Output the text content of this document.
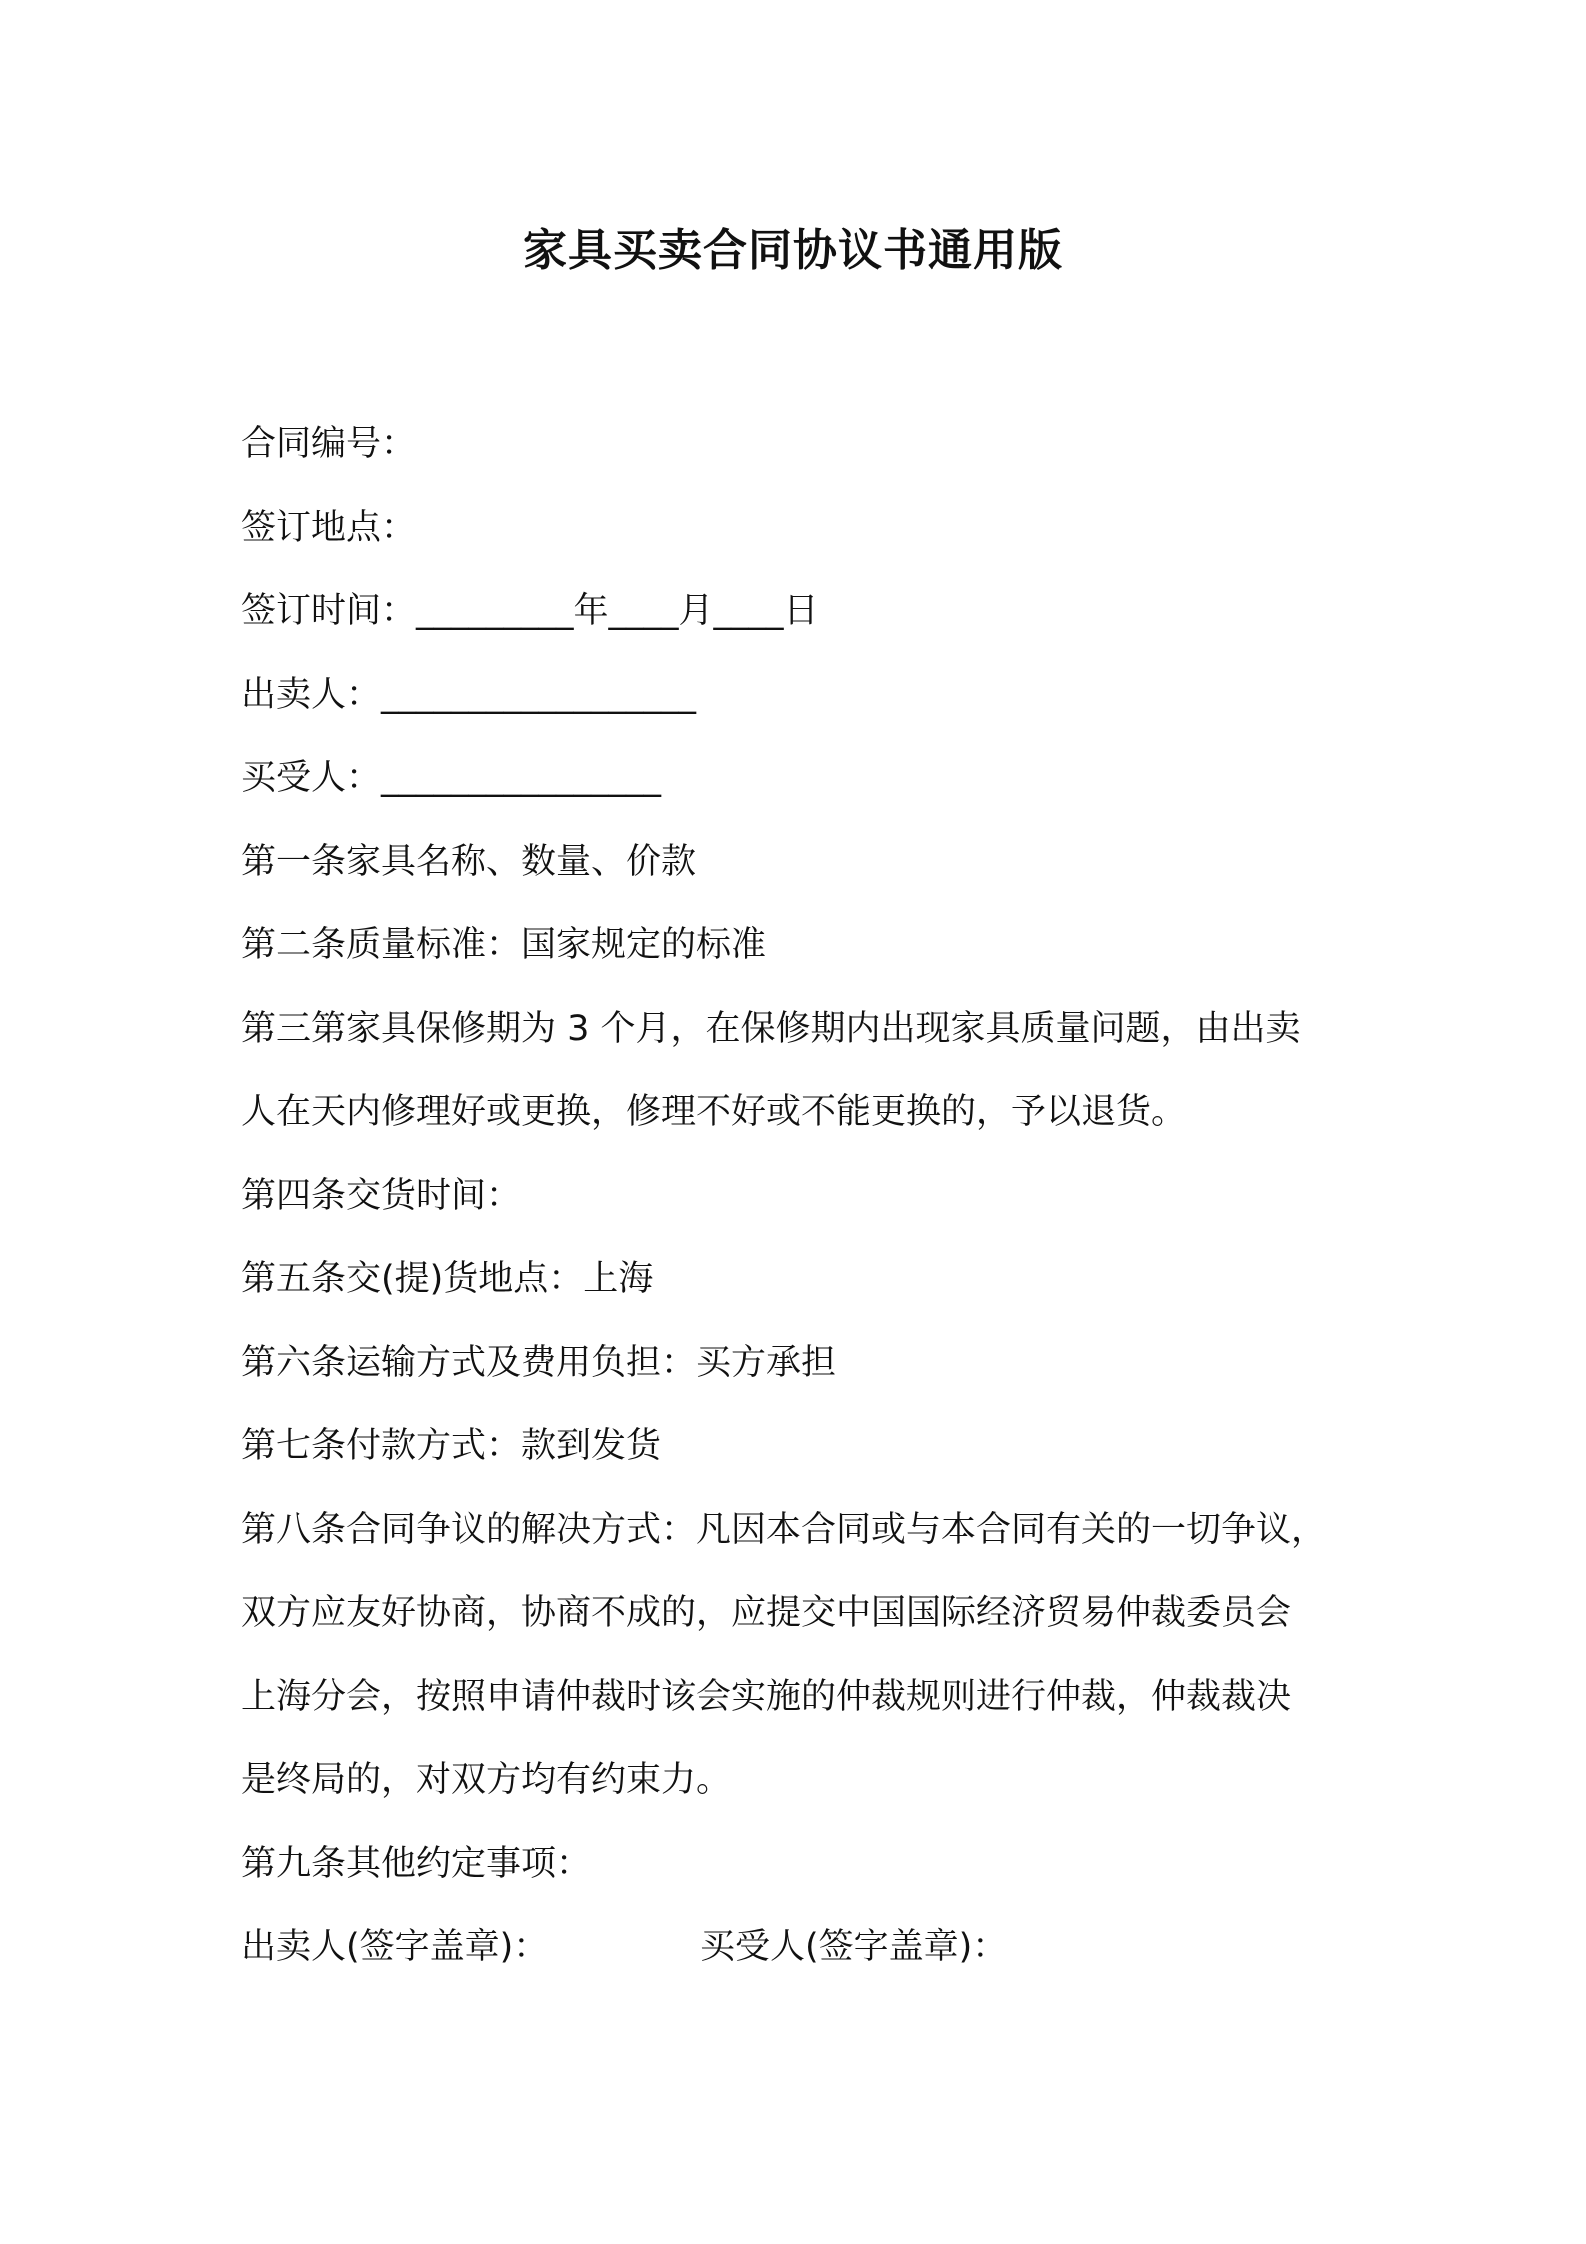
家具买卖合同协议书通用版
合同编号：
签订地点：
签订时间：_________年____月____日
出卖人：__________________
买受人：________________
第一条家具名称、数量、价款
第二条质量标准：国家规定的标准
第三第家具保修期为 3 个月，在保修期内出现家具质量问题，由出卖
人在天内修理好或更换，修理不好或不能更换的，予以退货。
第四条交货时间：
第五条交(提)货地点：上海
第六条运输方式及费用负担：买方承担
第七条付款方式：款到发货
第八条合同争议的解决方式：凡因本合同或与本合同有关的一切争议，
双方应友好协商，协商不成的，应提交中国国际经济贸易仲裁委员会
上海分会，按照申请仲裁时该会实施的仲裁规则进行仲裁，仲裁裁决
是终局的，对双方均有约束力。
第九条其他约定事项：
出卖人(签字盖章)：	买受人(签字盖章)：
